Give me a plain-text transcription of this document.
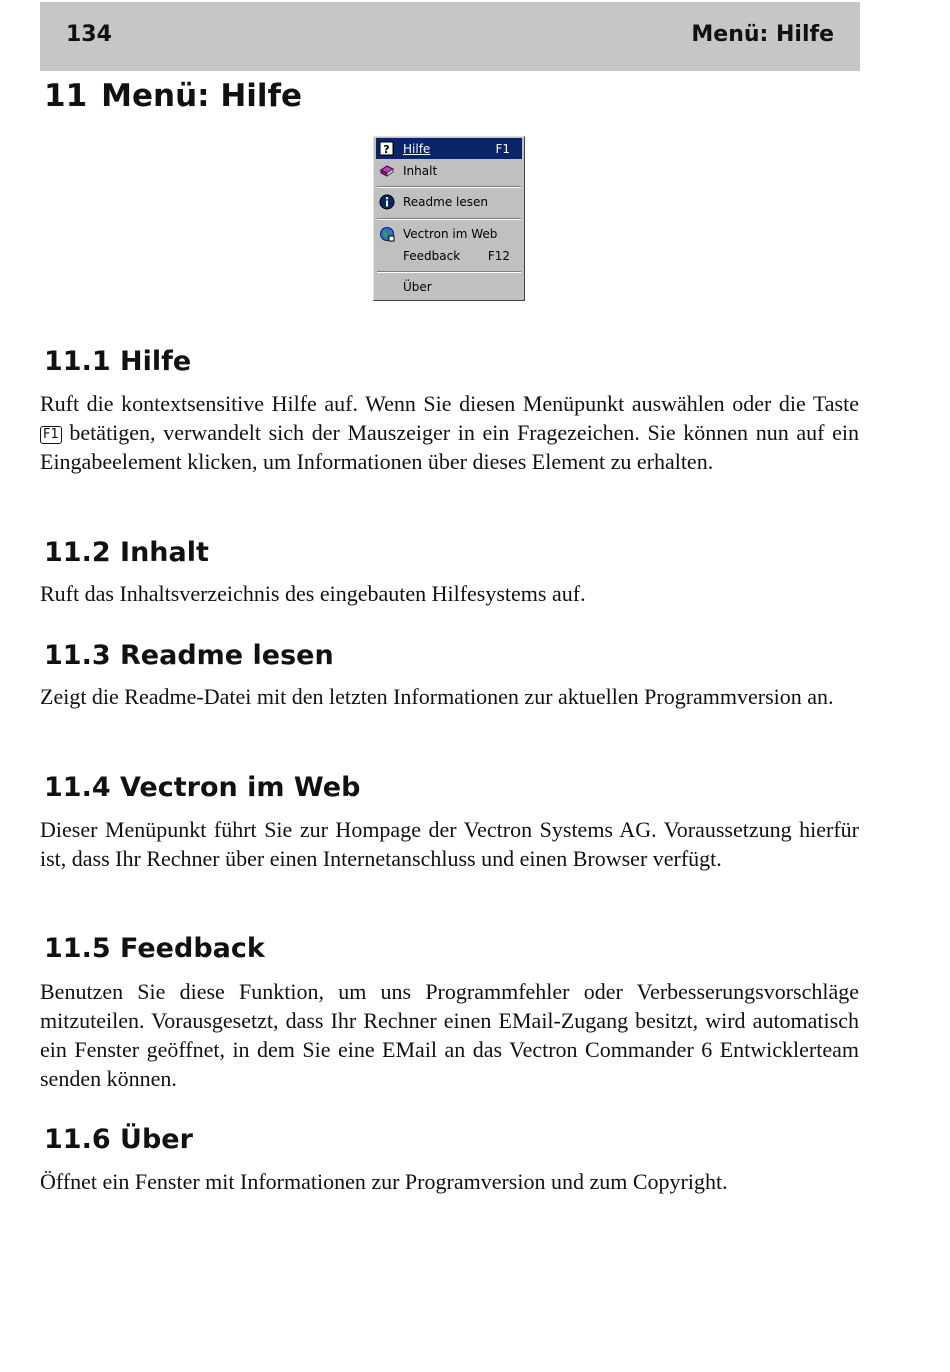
134	Menü: Hilfe
11 Menü: Hilfe
? Hilfe	F1
Inhalt
Readme lesen
Vectron im Web
Feedback F12
Über
11.1 Hilfe

Ruft die kontextsensitive Hilfe auf. Wenn Sie diesen Menüpunkt auswählen oder die Taste F1 betätigen, verwandelt sich der Mauszeiger in ein Fragezeichen. Sie können nun auf ein Eingabeelement klicken, um Informationen über dieses Element zu erhalten.

11.2 Inhalt

Ruft das Inhaltsverzeichnis des eingebauten Hilfesystems auf.

11.3 Readme lesen

Zeigt die Readme-Datei mit den letzten Informationen zur aktuellen Programmversion an.

11.4 Vectron im Web

Dieser Menüpunkt führt Sie zur Hompage der Vectron Systems AG. Voraussetzung hierfür ist, dass Ihr Rechner über einen Internetanschluss und einen Browser verfügt.

11.5 Feedback

Benutzen Sie diese Funktion, um uns Programmfehler oder Verbesserungsvorschläge mitzuteilen. Vorausgesetzt, dass Ihr Rechner einen EMail-Zugang besitzt, wird automatisch ein Fenster geöffnet, in dem Sie eine EMail an das Vectron Commander 6 Entwicklerteam senden können.

11.6 Über

Öffnet ein Fenster mit Informationen zur Programversion und zum Copyright.
